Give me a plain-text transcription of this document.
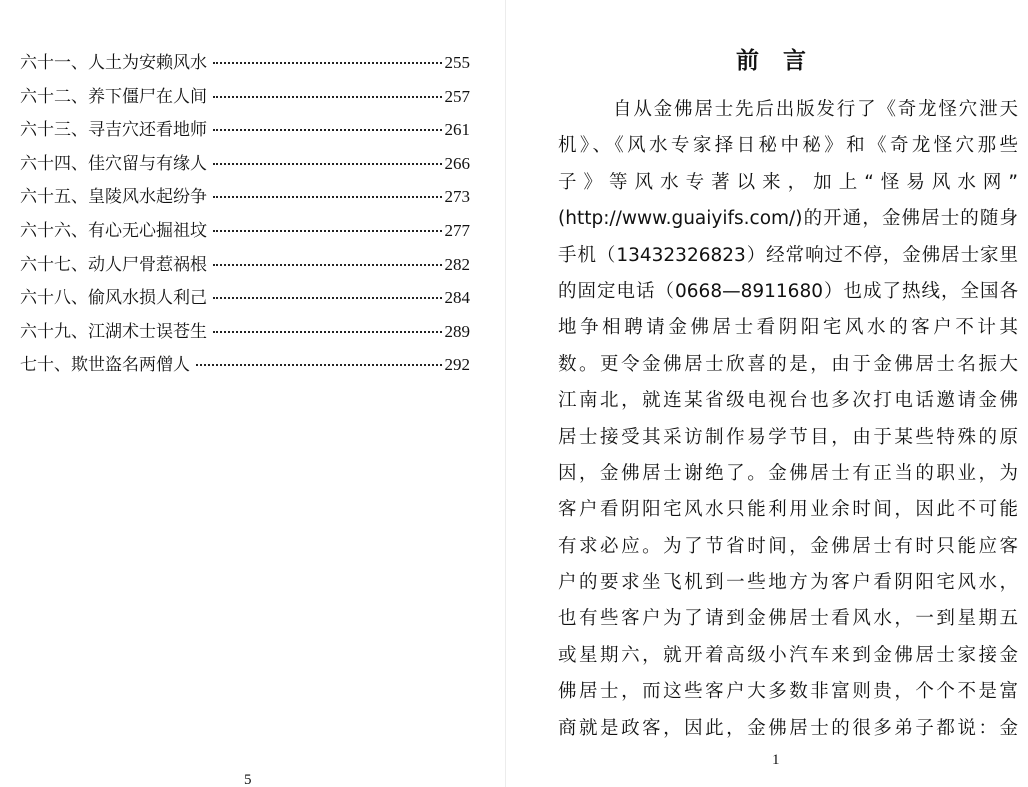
六十一、人土为安赖风水	255
六十二、养下僵尸在人间	257
六十三、寻吉穴还看地师	261
六十四、佳穴留与有缘人	266
六十五、皇陵风水起纷争	273
六十六、有心无心掘祖坟	277
六十七、动人尸骨惹祸根	282
六十八、偷风水损人利己	284
六十九、江湖术士误苍生	289
七十、欺世盗名两僧人	292
5
前言
自从金佛居士先后出版发行了《奇龙怪穴泄天
机》、《风水专家择日秘中秘》和《奇龙怪穴那些
子》等风水专著以来，加上“怪易风水网”
(http://www.guaiyifs.com/)的开通，金佛居士的随身
手机（13432326823）经常响过不停，金佛居士家里
的固定电话（0668—8911680）也成了热线，全国各
地争相聘请金佛居士看阴阳宅风水的客户不计其
数。更令金佛居士欣喜的是，由于金佛居士名振大
江南北，就连某省级电视台也多次打电话邀请金佛
居士接受其采访制作易学节目，由于某些特殊的原
因，金佛居士谢绝了。金佛居士有正当的职业，为
客户看阴阳宅风水只能利用业余时间，因此不可能
有求必应。为了节省时间，金佛居士有时只能应客
户的要求坐飞机到一些地方为客户看阴阳宅风水，
也有些客户为了请到金佛居士看风水，一到星期五
或星期六，就开着高级小汽车来到金佛居士家接金
佛居士，而这些客户大多数非富则贵，个个不是富
商就是政客，因此，金佛居士的很多弟子都说：金
1
